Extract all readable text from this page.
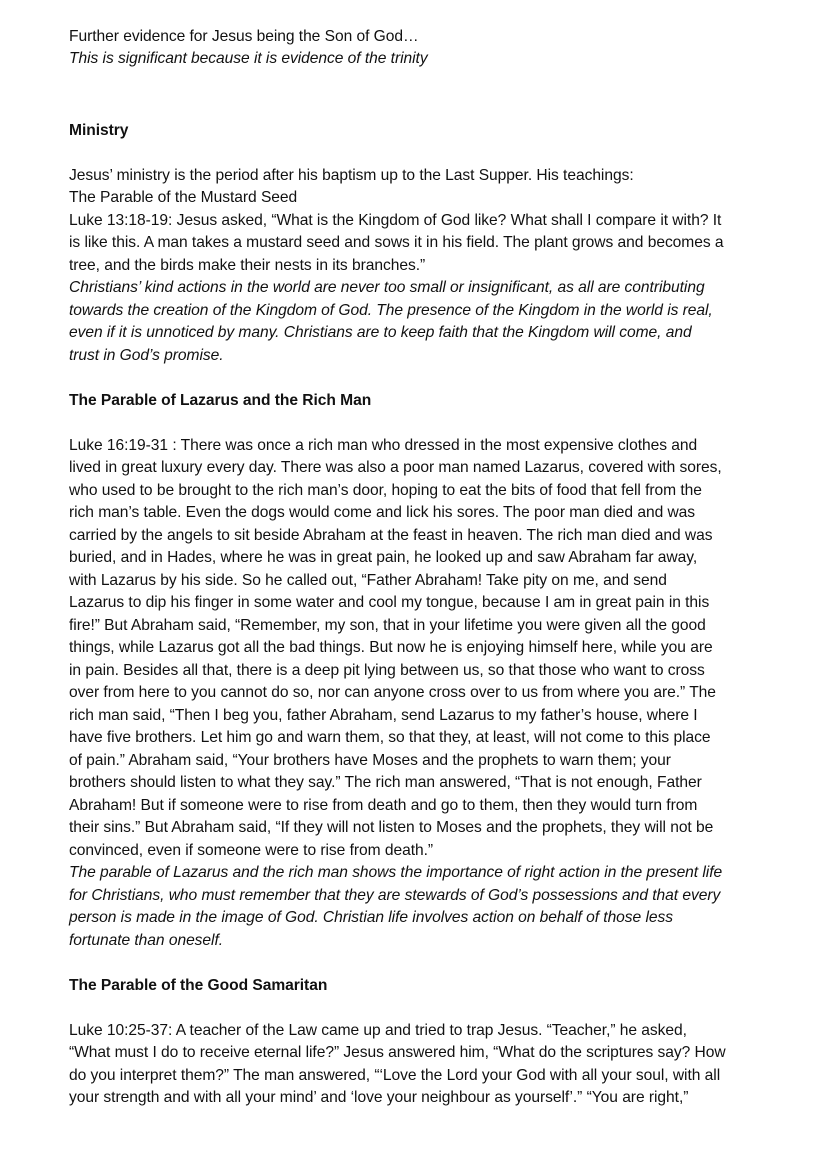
Further evidence for Jesus being the Son of God…
This is significant because it is evidence of the trinity
Ministry
Jesus’ ministry is the period after his baptism up to the Last Supper. His teachings:
The Parable of the Mustard Seed
Luke 13:18-19: Jesus asked, “What is the Kingdom of God like? What shall I compare it with? It
is like this. A man takes a mustard seed and sows it in his field. The plant grows and becomes a
tree, and the birds make their nests in its branches.”
Christians’ kind actions in the world are never too small or insignificant, as all are contributing
towards the creation of the Kingdom of God. The presence of the Kingdom in the world is real,
even if it is unnoticed by many. Christians are to keep faith that the Kingdom will come, and
trust in God’s promise.
The Parable of Lazarus and the Rich Man
Luke 16:19-31 : There was once a rich man who dressed in the most expensive clothes and
lived in great luxury every day. There was also a poor man named Lazarus, covered with sores,
who used to be brought to the rich man’s door, hoping to eat the bits of food that fell from the
rich man’s table. Even the dogs would come and lick his sores. The poor man died and was
carried by the angels to sit beside Abraham at the feast in heaven. The rich man died and was
buried, and in Hades, where he was in great pain, he looked up and saw Abraham far away,
with Lazarus by his side. So he called out, “Father Abraham! Take pity on me, and send
Lazarus to dip his finger in some water and cool my tongue, because I am in great pain in this
fire!” But Abraham said, “Remember, my son, that in your lifetime you were given all the good
things, while Lazarus got all the bad things. But now he is enjoying himself here, while you are
in pain. Besides all that, there is a deep pit lying between us, so that those who want to cross
over from here to you cannot do so, nor can anyone cross over to us from where you are.” The
rich man said, “Then I beg you, father Abraham, send Lazarus to my father’s house, where I
have five brothers. Let him go and warn them, so that they, at least, will not come to this place
of pain.” Abraham said, “Your brothers have Moses and the prophets to warn them; your
brothers should listen to what they say.” The rich man answered, “That is not enough, Father
Abraham! But if someone were to rise from death and go to them, then they would turn from
their sins.” But Abraham said, “If they will not listen to Moses and the prophets, they will not be
convinced, even if someone were to rise from death.”
The parable of Lazarus and the rich man shows the importance of right action in the present life
for Christians, who must remember that they are stewards of God’s possessions and that every
person is made in the image of God. Christian life involves action on behalf of those less
fortunate than oneself.
The Parable of the Good Samaritan
Luke 10:25-37: A teacher of the Law came up and tried to trap Jesus. “Teacher,” he asked,
“What must I do to receive eternal life?” Jesus answered him, “What do the scriptures say? How
do you interpret them?” The man answered, “‘Love the Lord your God with all your soul, with all
your strength and with all your mind’ and ‘love your neighbour as yourself’.” “You are right,”
